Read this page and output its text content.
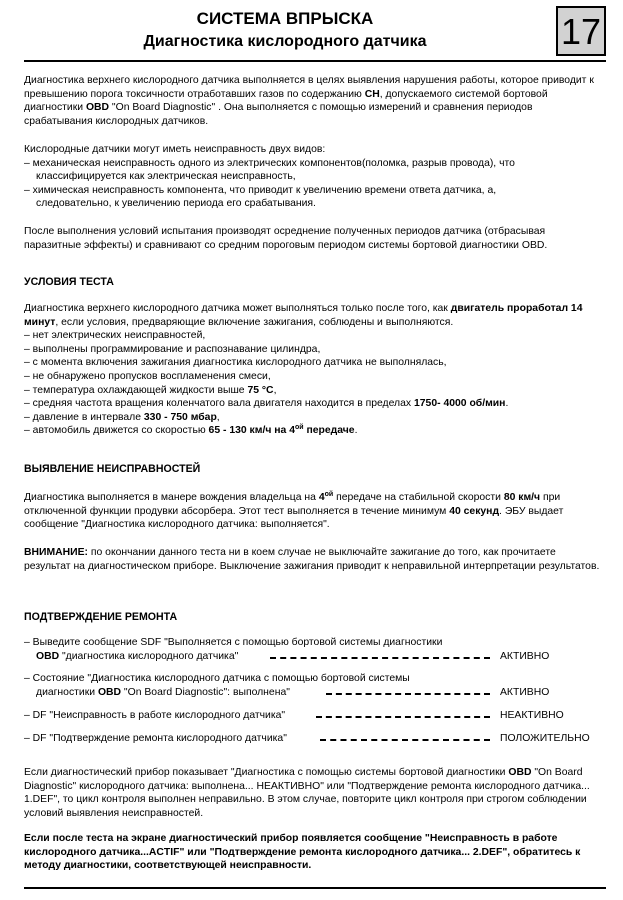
СИСТЕМА ВПРЫСКА
Диагностика кислородного датчика	17

Диагностика верхнего кислородного датчика выполняется в целях выявления нарушения работы, которое приводит к превышению порога токсичности отработавших газов по содержанию CH, допускаемого системой бортовой диагностики OBD "On Board Diagnostic" . Она выполняется с помощью измерений и сравнения периодов срабатывания кислородных датчиков.

Кислородные датчики могут иметь неисправность двух видов:
– механическая неисправность одного из электрических компонентов(поломка, разрыв провода), что
классифицируется как электрическая неисправность,
– химическая неисправность компонента, что приводит к увеличению времени ответа датчика, а,
следовательно, к увеличению периода его срабатывания.

После выполнения условий испытания производят осреднение полученных периодов датчика (отбрасывая паразитные эффекты) и сравнивают со средним пороговым периодом системы бортовой диагностики OBD.

УСЛОВИЯ ТЕСТА
Диагностика верхнего кислородного датчика может выполняться только после того, как двигатель проработал 14 минут, если условия, предваряющие включение зажигания, соблюдены и выполняются.
– нет электрических неисправностей,
– выполнены программирование и распознавание цилиндра,
– с момента включения зажигания диагностика кислородного датчика не выполнялась,
– не обнаружено пропусков воспламенения смеси,
– температура охлаждающей жидкости выше 75 °C,
– средняя частота вращения коленчатого вала двигателя находится в пределах 1750- 4000 об/мин.
– давление в интервале 330 - 750 мбар,
– автомобиль движется со скоростью 65 - 130 км/ч на $4^{ой}$ передаче.
ВЫЯВЛЕНИЕ НЕИСПРАВНОСТЕЙ

Диагностика выполняется в манере вождения владельца на $4^{ой}$ передаче на стабильной скорости 80 км/ч при отключенной функции продувки абсорбера. Этот тест выполняется в течение минимум 40 секунд. ЭБУ выдает сообщение "Диагностика кислородного датчика: выполняется".

ВНИМАНИЕ: по окончании данного теста ни в коем случае не выключайте зажигание до того, как прочитаете результат на диагностическом приборе. Выключение зажигания приводит к неправильной интерпретации результатов.

ПОДТВЕРЖДЕНИЕ РЕМОНТА
– Выведите сообщение SDF "Выполняется с помощью бортовой системы диагностики
OBD "диагностика кислородного датчика"	АКТИВНО
– Состояние "Диагностика кислородного датчика с помощью бортовой системы
диагностики OBD "On Board Diagnostic": выполнена"	АКТИВНО
– DF "Неисправность в работе кислородного датчика"	НЕАКТИВНО
– DF "Подтверждение ремонта кислородного датчика"	ПОЛОЖИТЕЛЬНО

Если диагностический прибор показывает "Диагностика с помощью системы бортовой диагностики OBD "On Board Diagnostic" кислородного датчика: выполнена... НЕАКТИВНО" или "Подтверждение ремонта кислородного датчика... 1.DEF", то цикл контроля выполнен неправильно. В этом случае, повторите цикл контроля при строгом соблюдении условий выявления неисправностей.

Если после теста на экране диагностический прибор появляется сообщение "Неисправность в работе кислородного датчика...ACTIF" или "Подтверждение ремонта кислородного датчика... 2.DEF", обратитесь к методу диагностики, соответствующей неисправности.
